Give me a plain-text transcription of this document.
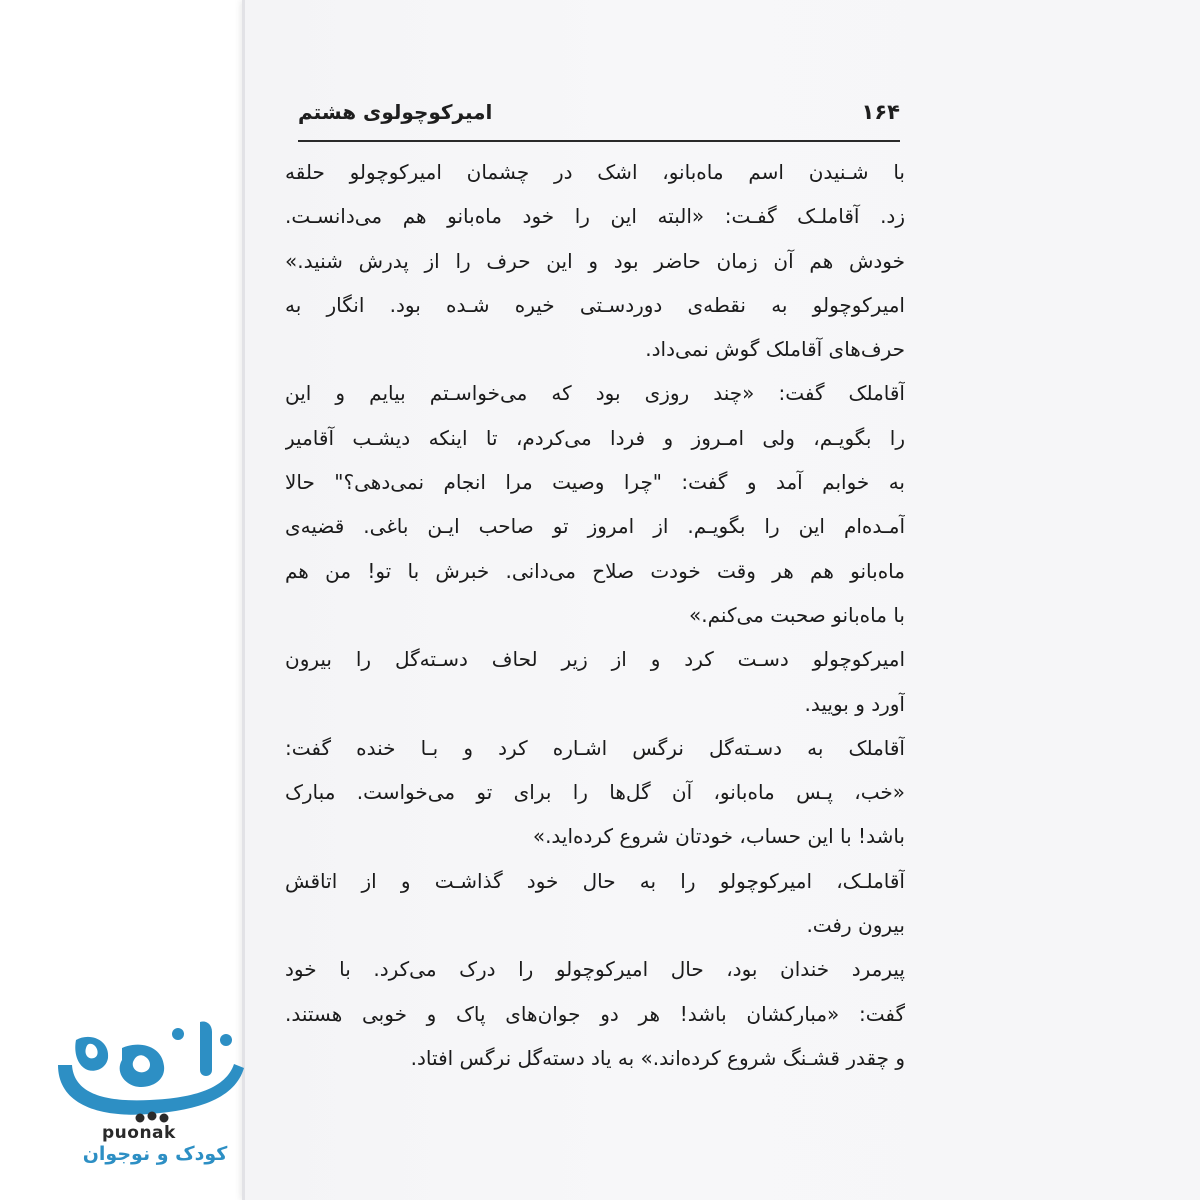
۱۶۴
امیرکوچولوی هشتم
با شـنیدن اسم ماه‌بانو، اشک در چشمان امیرکوچولو حلقه
زد. آقاملـک گفـت: «البته این را خود ماه‌بانو هم می‌دانسـت.
خودش هم آن زمان حاضر بود و این حرف را از پدرش شنید.»
امیرکوچولو به نقطه‌ی دوردسـتی خیره شـده بود. انگار به
حرف‌های آقاملک گوش نمی‌داد.
آقاملک گفت: «چند روزی بود که می‌خواسـتم بیایم و این
را بگویـم، ولی امـروز و فردا می‌کردم، تا اینکه دیشـب آقامیر
به خوابم آمد و گفت: "چرا وصیت مرا انجام نمی‌دهی؟" حالا
آمـده‌ام این را بگویـم. از امروز تو صاحب ایـن باغی. قضیه‌ی
ماه‌بانو هم هر وقت خودت صلاح می‌دانی. خبرش با تو! من هم
با ماه‌بانو صحبت می‌کنم.»
امیرکوچولو دسـت کرد و از زیر لحاف دسـته‌گل را بیرون
آورد و بویید.
آقاملک به دسـته‌گل نرگس اشـاره کرد و بـا خنده گفت:
«خب، پـس ماه‌بانو، آن گل‌ها را برای تو می‌خواست. مبارک
باشد! با این حساب، خودتان شروع کرده‌اید.»
آقاملـک، امیرکوچولو را به حال خود گذاشـت و از اتاقش
بیرون رفت.
پیرمرد خندان بود، حال امیرکوچولو را درک می‌کرد. با خود
گفت: «مبارکشان باشد! هر دو جوان‌های پاک و خوبی هستند.
و چقدر قشـنگ شروع کرده‌اند.» به یاد دسته‌گل نرگس افتاد.
puonak
کودک و نوجوان
